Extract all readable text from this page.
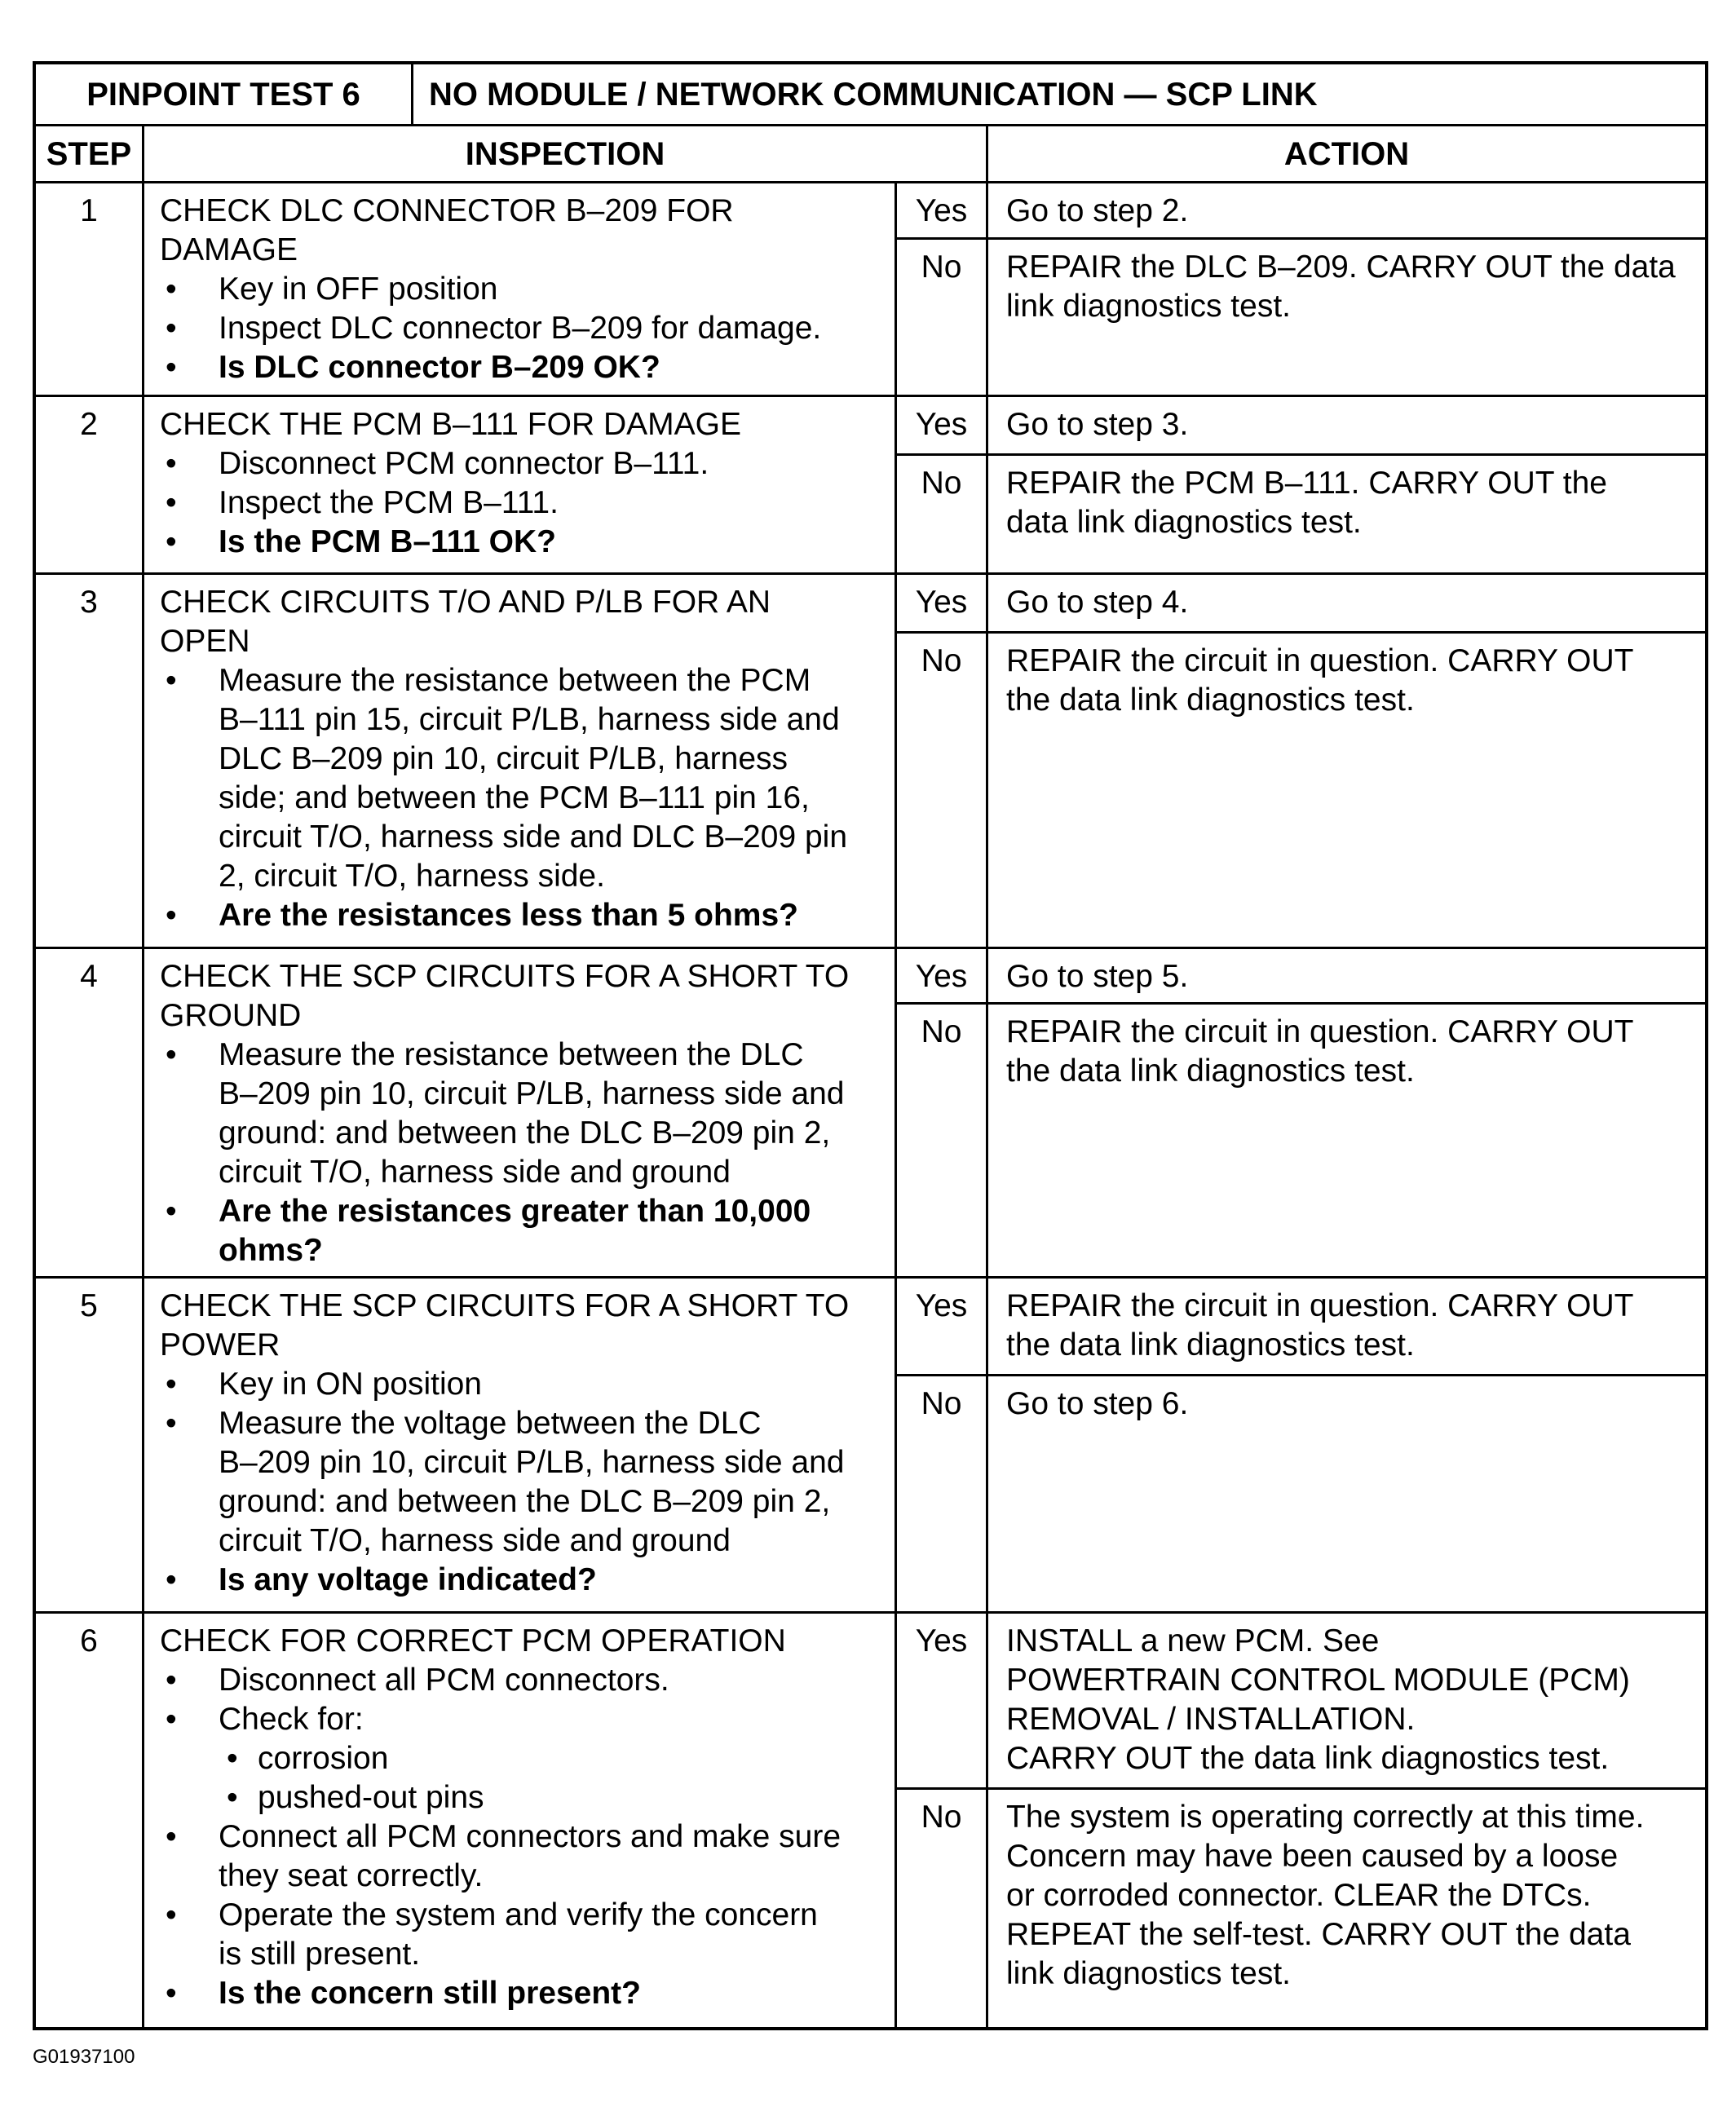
PINPOINT TEST 6	NO MODULE / NETWORK COMMUNICATION — SCP LINK
STEP	INSPECTION	ACTION
1	CHECK DLC CONNECTOR B–209 FOR
DAMAGE
• Key in OFF position
• Inspect DLC connector B–209 for damage.
• Is DLC connector B–209 OK?
Yes	Go to step 2.
No	REPAIR the DLC B–209. CARRY OUT the data
link diagnostics test.
2	CHECK THE PCM B–111 FOR DAMAGE
• Disconnect PCM connector B–111.
• Inspect the PCM B–111.
• Is the PCM B–111 OK?
Yes	Go to step 3.
No	REPAIR the PCM B–111. CARRY OUT the
data link diagnostics test.
3	CHECK CIRCUITS T/O AND P/LB FOR AN
OPEN
• Measure the resistance between the PCM
B–111 pin 15, circuit P/LB, harness side and
DLC B–209 pin 10, circuit P/LB, harness
side; and between the PCM B–111 pin 16,
circuit T/O, harness side and DLC B–209 pin
2, circuit T/O, harness side.
• Are the resistances less than 5 ohms?
Yes	Go to step 4.
No	REPAIR the circuit in question. CARRY OUT
the data link diagnostics test.
4	CHECK THE SCP CIRCUITS FOR A SHORT TO
GROUND
• Measure the resistance between the DLC
B–209 pin 10, circuit P/LB, harness side and
ground: and between the DLC B–209 pin 2,
circuit T/O, harness side and ground
• Are the resistances greater than 10,000
ohms?
Yes	Go to step 5.
No	REPAIR the circuit in question. CARRY OUT
the data link diagnostics test.
5	CHECK THE SCP CIRCUITS FOR A SHORT TO
POWER
• Key in ON position
• Measure the voltage between the DLC
B–209 pin 10, circuit P/LB, harness side and
ground: and between the DLC B–209 pin 2,
circuit T/O, harness side and ground
• Is any voltage indicated?
Yes	REPAIR the circuit in question. CARRY OUT
the data link diagnostics test.
No	Go to step 6.
6	CHECK FOR CORRECT PCM OPERATION
• Disconnect all PCM connectors.
• Check for:
• corrosion
• pushed-out pins
• Connect all PCM connectors and make sure
they seat correctly.
• Operate the system and verify the concern
is still present.
• Is the concern still present?
Yes	INSTALL a new PCM. See
POWERTRAIN CONTROL MODULE (PCM)
REMOVAL / INSTALLATION.
CARRY OUT the data link diagnostics test.
No	The system is operating correctly at this time.
Concern may have been caused by a loose
or corroded connector. CLEAR the DTCs.
REPEAT the self-test. CARRY OUT the data
link diagnostics test.
G01937100
